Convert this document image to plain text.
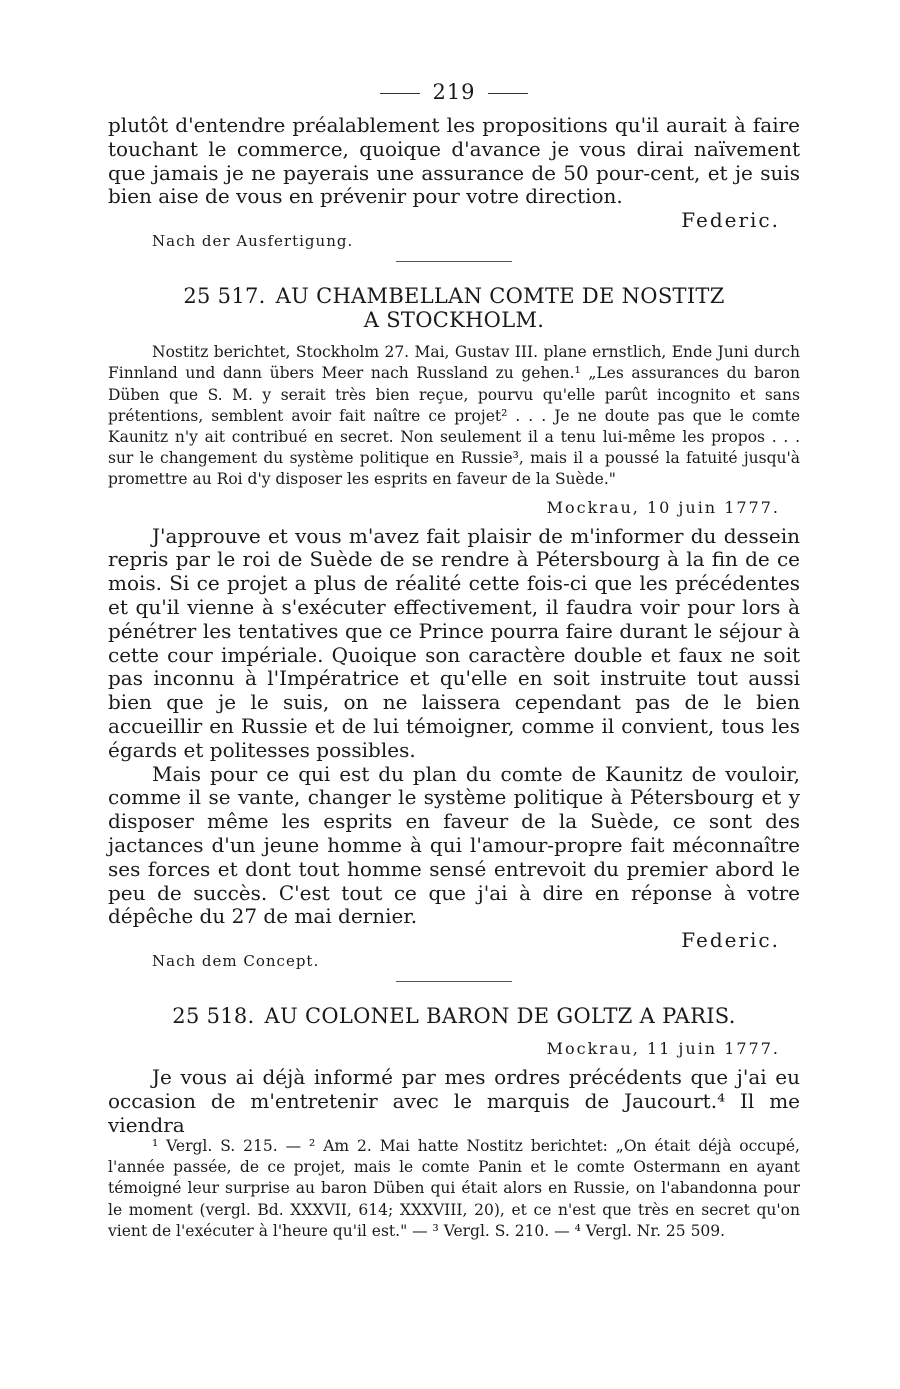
219

plutôt d'entendre préalablement les propositions qu'il aurait à faire touchant le commerce, quoique d'avance je vous dirai naïvement que jamais je ne payerais une assurance de 50 pour-cent, et je suis bien aise de vous en prévenir pour votre direction.

Federic.

Nach der Ausfertigung.

25 517. AU CHAMBELLAN COMTE DE NOSTITZ
A STOCKHOLM.

Nostitz berichtet, Stockholm 27. Mai, Gustav III. plane ernstlich, Ende Juni durch Finnland und dann übers Meer nach Russland zu gehen.¹ „Les assurances du baron Düben que S. M. y serait très bien reçue, pourvu qu'elle parût incognito et sans prétentions, semblent avoir fait naître ce projet² . . . Je ne doute pas que le comte Kaunitz n'y ait contribué en secret. Non seulement il a tenu lui-même les propos . . . sur le changement du système politique en Russie³, mais il a poussé la fatuité jusqu'à promettre au Roi d'y disposer les esprits en faveur de la Suède."

Mockrau, 10 juin 1777.

J'approuve et vous m'avez fait plaisir de m'informer du dessein repris par le roi de Suède de se rendre à Pétersbourg à la fin de ce mois. Si ce projet a plus de réalité cette fois-ci que les précédentes et qu'il vienne à s'exécuter effectivement, il faudra voir pour lors à pénétrer les tentatives que ce Prince pourra faire durant le séjour à cette cour impériale. Quoique son caractère double et faux ne soit pas inconnu à l'Impératrice et qu'elle en soit instruite tout aussi bien que je le suis, on ne laissera cependant pas de le bien accueillir en Russie et de lui témoigner, comme il convient, tous les égards et politesses possibles.

Mais pour ce qui est du plan du comte de Kaunitz de vouloir, comme il se vante, changer le système politique à Pétersbourg et y disposer même les esprits en faveur de la Suède, ce sont des jactances d'un jeune homme à qui l'amour-propre fait méconnaître ses forces et dont tout homme sensé entrevoit du premier abord le peu de succès. C'est tout ce que j'ai à dire en réponse à votre dépêche du 27 de mai dernier.

Federic.

Nach dem Concept.

25 518. AU COLONEL BARON DE GOLTZ A PARIS.

Mockrau, 11 juin 1777.

Je vous ai déjà informé par mes ordres précédents que j'ai eu occasion de m'entretenir avec le marquis de Jaucourt.⁴ Il me viendra

¹ Vergl. S. 215. — ² Am 2. Mai hatte Nostitz berichtet: „On était déjà occupé, l'année passée, de ce projet, mais le comte Panin et le comte Ostermann en ayant témoigné leur surprise au baron Düben qui était alors en Russie, on l'abandonna pour le moment (vergl. Bd. XXXVII, 614; XXXVIII, 20), et ce n'est que très en secret qu'on vient de l'exécuter à l'heure qu'il est." — ³ Vergl. S. 210. — ⁴ Vergl. Nr. 25 509.
